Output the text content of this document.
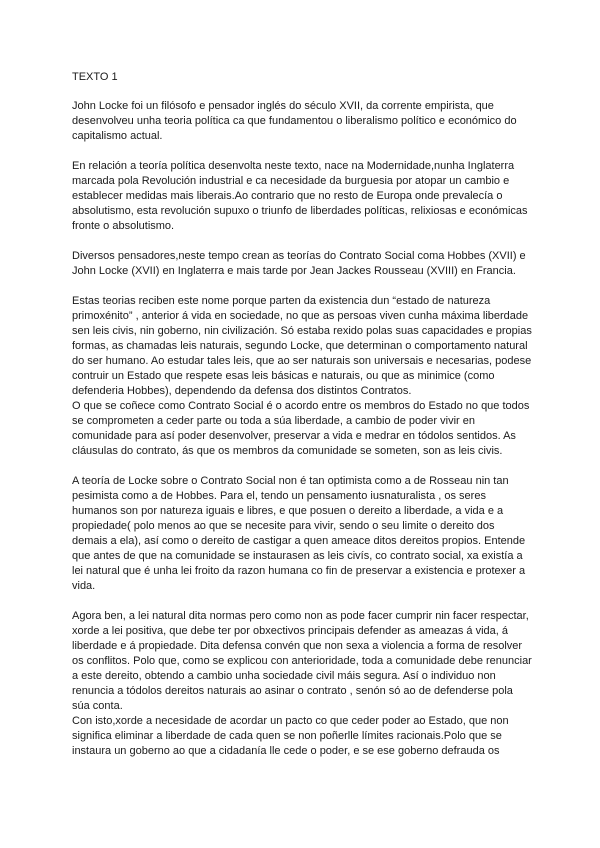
TEXTO 1

John Locke foi un filósofo e pensador inglés do século XVII, da corrente empirista, que desenvolveu unha teoria política ca que fundamentou o liberalismo político e económico do capitalismo actual.

En relación a teoría política desenvolta neste texto, nace na Modernidade,nunha Inglaterra marcada pola Revolución industrial e ca necesidade da burguesia por atopar un cambio e establecer medidas mais liberais.Ao contrario que no resto de Europa onde prevalecía o absolutismo, esta revolución supuxo o triunfo de liberdades políticas, relixiosas e económicas fronte o absolutismo.

Diversos pensadores,neste tempo crean as teorías do Contrato Social coma Hobbes (XVII) e John Locke (XVII) en Inglaterra e mais tarde por Jean Jackes Rousseau (XVIII) en Francia.

Estas teorias reciben este nome porque parten da existencia dun “estado de natureza primoxénito” , anterior á vida en sociedade, no que as persoas viven cunha máxima liberdade sen leis civis, nin goberno, nin civilización. Só estaba rexido polas suas capacidades e propias formas, as chamadas leis naturais, segundo Locke, que determinan o comportamento natural do ser humano. Ao estudar tales leis, que ao ser naturais son universais e necesarias, podese contruir un Estado que respete esas leis básicas e naturais, ou que as minimice (como defenderia Hobbes), dependendo da defensa dos distintos Contratos.

O que se coñece como Contrato Social é o acordo entre os membros do Estado no que todos se comprometen a ceder parte ou toda a súa liberdade, a cambio de poder vivir en comunidade para así poder desenvolver, preservar a vida e medrar en tódolos sentidos. As cláusulas do contrato, ás que os membros da comunidade se someten, son as leis civis.

A teoría de Locke sobre o Contrato Social non é tan optimista como a de Rosseau nin tan pesimista como a de Hobbes. Para el, tendo un pensamento iusnaturalista , os seres humanos son por natureza iguais e libres, e que posuen o dereito a liberdade, a vida e a propiedade( polo menos ao que se necesite para vivir, sendo o seu limite o dereito dos demais a ela), así como o dereito de castigar a quen ameace ditos dereitos propios. Entende que antes de que na comunidade se instaurasen as leis civís, co contrato social, xa existía a lei natural que é unha lei froito da razon humana co fin de preservar a existencia e protexer a vida.

Agora ben, a lei natural dita normas pero como non as pode facer cumprir nin facer respectar, xorde a lei positiva, que debe ter por obxectivos principais defender as ameazas á vida, á liberdade e á propiedade. Dita defensa convén que non sexa a violencia a forma de resolver os conflitos. Polo que, como se explicou con anterioridade, toda a comunidade debe renunciar a este dereito, obtendo a cambio unha sociedade civil máis segura. Así o individuo non renuncia a tódolos dereitos naturais ao asinar o contrato , senón só ao de defenderse pola súa conta.

Con isto,xorde a necesidade de acordar un pacto co que ceder poder ao Estado, que non significa eliminar a liberdade de cada quen se non poñerlle límites racionais.Polo que se instaura un goberno ao que a cidadanía lle cede o poder, e se ese goberno defrauda os
